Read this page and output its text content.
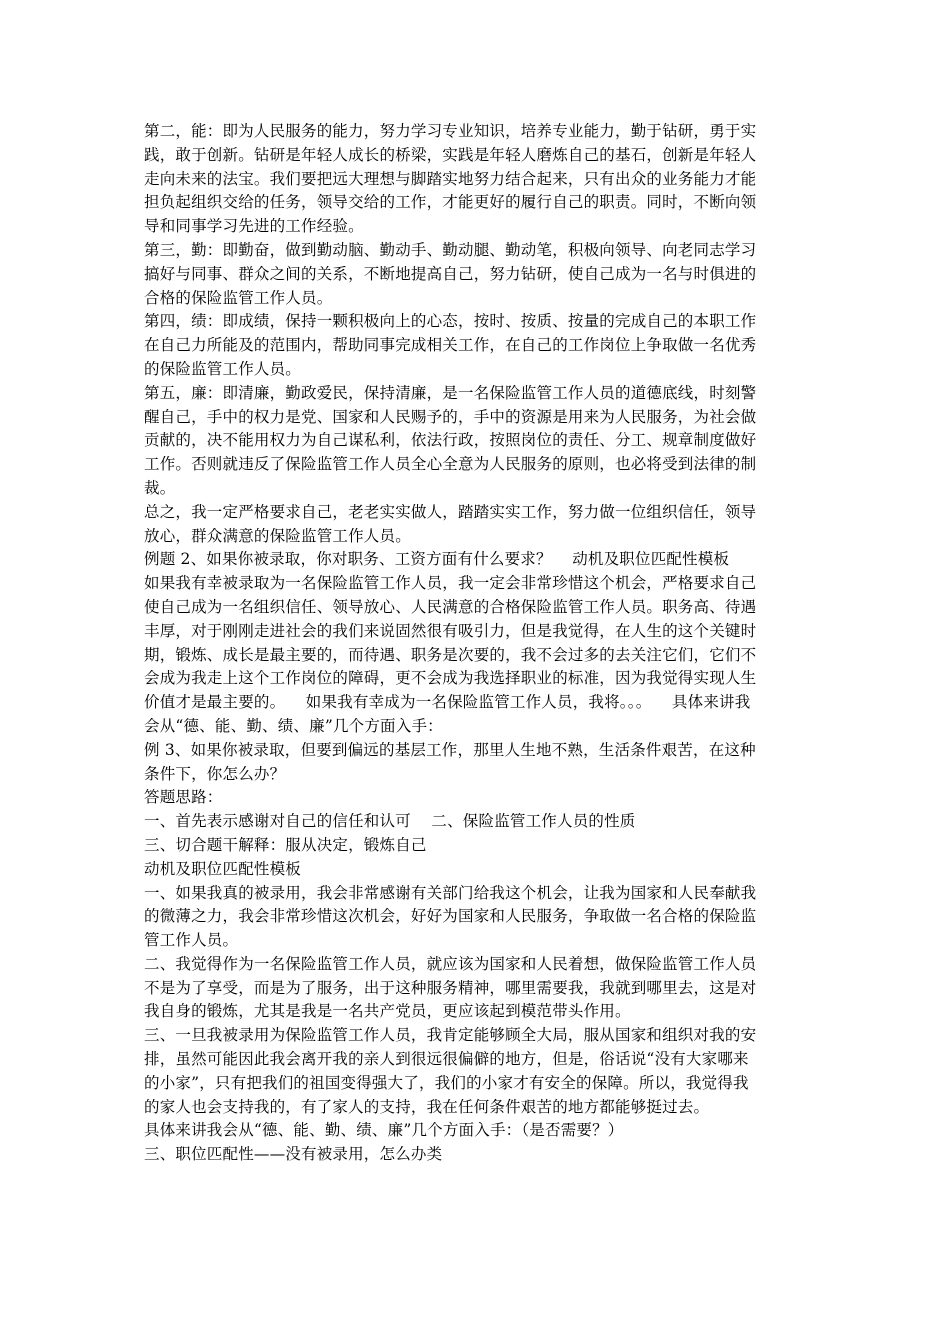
第二，能：即为人民服务的能力，努力学习专业知识，培养专业能力，勤于钻研，勇于实
践，敢于创新。钻研是年轻人成长的桥梁，实践是年轻人磨炼自己的基石，创新是年轻人
走向未来的法宝。我们要把远大理想与脚踏实地努力结合起来，只有出众的业务能力才能
担负起组织交给的任务，领导交给的工作，才能更好的履行自己的职责。同时，不断向领
导和同事学习先进的工作经验。
第三，勤：即勤奋，做到勤动脑、勤动手、勤动腿、勤动笔，积极向领导、向老同志学习
搞好与同事、群众之间的关系，不断地提高自己，努力钻研，使自己成为一名与时俱进的
合格的保险监管工作人员。
第四，绩：即成绩，保持一颗积极向上的心态，按时、按质、按量的完成自己的本职工作
在自己力所能及的范围内，帮助同事完成相关工作，在自己的工作岗位上争取做一名优秀
的保险监管工作人员。
第五，廉：即清廉，勤政爱民，保持清廉，是一名保险监管工作人员的道德底线，时刻警
醒自己，手中的权力是党、国家和人民赐予的，手中的资源是用来为人民服务，为社会做
贡献的，决不能用权力为自己谋私利，依法行政，按照岗位的责任、分工、规章制度做好
工作。否则就违反了保险监管工作人员全心全意为人民服务的原则，也必将受到法律的制
裁。
总之，我一定严格要求自己，老老实实做人，踏踏实实工作，努力做一位组织信任，领导
放心，群众满意的保险监管工作人员。
例题 2、如果你被录取，你对职务、工资方面有什么要求？    动机及职位匹配性模板
如果我有幸被录取为一名保险监管工作人员，我一定会非常珍惜这个机会，严格要求自己
使自己成为一名组织信任、领导放心、人民满意的合格保险监管工作人员。职务高、待遇
丰厚，对于刚刚走进社会的我们来说固然很有吸引力，但是我觉得，在人生的这个关键时
期，锻炼、成长是最主要的，而待遇、职务是次要的，我不会过多的去关注它们，它们不
会成为我走上这个工作岗位的障碍，更不会成为我选择职业的标准，因为我觉得实现人生
价值才是最主要的。    如果我有幸成为一名保险监管工作人员，我将。。。    具体来讲我
会从“德、能、勤、绩、廉”几个方面入手：
例 3、如果你被录取，但要到偏远的基层工作，那里人生地不熟，生活条件艰苦，在这种
条件下，你怎么办？
答题思路：
一、首先表示感谢对自己的信任和认可    二、保险监管工作人员的性质
三、切合题干解释：服从决定，锻炼自己
动机及职位匹配性模板
一、如果我真的被录用，我会非常感谢有关部门给我这个机会，让我为国家和人民奉献我
的微薄之力，我会非常珍惜这次机会，好好为国家和人民服务，争取做一名合格的保险监
管工作人员。
二、我觉得作为一名保险监管工作人员，就应该为国家和人民着想，做保险监管工作人员
不是为了享受，而是为了服务，出于这种服务精神，哪里需要我，我就到哪里去，这是对
我自身的锻炼，尤其是我是一名共产党员，更应该起到模范带头作用。
三、一旦我被录用为保险监管工作人员，我肯定能够顾全大局，服从国家和组织对我的安
排，虽然可能因此我会离开我的亲人到很远很偏僻的地方，但是，俗话说“没有大家哪来
的小家”，只有把我们的祖国变得强大了，我们的小家才有安全的保障。所以，我觉得我
的家人也会支持我的，有了家人的支持，我在任何条件艰苦的地方都能够挺过去。
具体来讲我会从“德、能、勤、绩、廉”几个方面入手：（是否需要？）
三、职位匹配性——没有被录用，怎么办类
